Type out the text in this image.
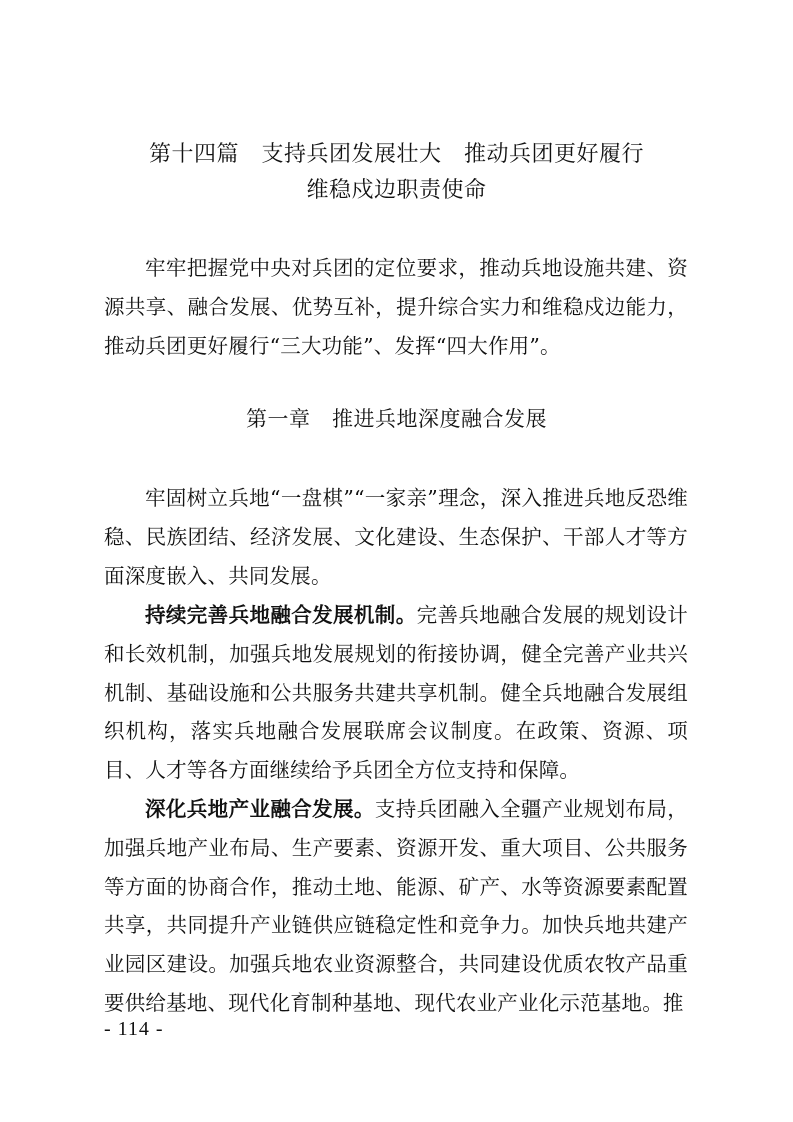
第十四篇　支持兵团发展壮大　推动兵团更好履行
维稳戍边职责使命

牢牢把握党中央对兵团的定位要求，推动兵地设施共建、资源共享、融合发展、优势互补，提升综合实力和维稳戍边能力，推动兵团更好履行“三大功能”、发挥“四大作用”。

第一章　推进兵地深度融合发展

牢固树立兵地“一盘棋”“一家亲”理念，深入推进兵地反恐维稳、民族团结、经济发展、文化建设、生态保护、干部人才等方面深度嵌入、共同发展。

持续完善兵地融合发展机制。完善兵地融合发展的规划设计和长效机制，加强兵地发展规划的衔接协调，健全完善产业共兴机制、基础设施和公共服务共建共享机制。健全兵地融合发展组织机构，落实兵地融合发展联席会议制度。在政策、资源、项目、人才等各方面继续给予兵团全方位支持和保障。

深化兵地产业融合发展。支持兵团融入全疆产业规划布局，加强兵地产业布局、生产要素、资源开发、重大项目、公共服务等方面的协商合作，推动土地、能源、矿产、水等资源要素配置共享，共同提升产业链供应链稳定性和竞争力。加快兵地共建产业园区建设。加强兵地农业资源整合，共同建设优质农牧产品重要供给基地、现代化育制种基地、现代农业产业化示范基地。推

- 114 -
